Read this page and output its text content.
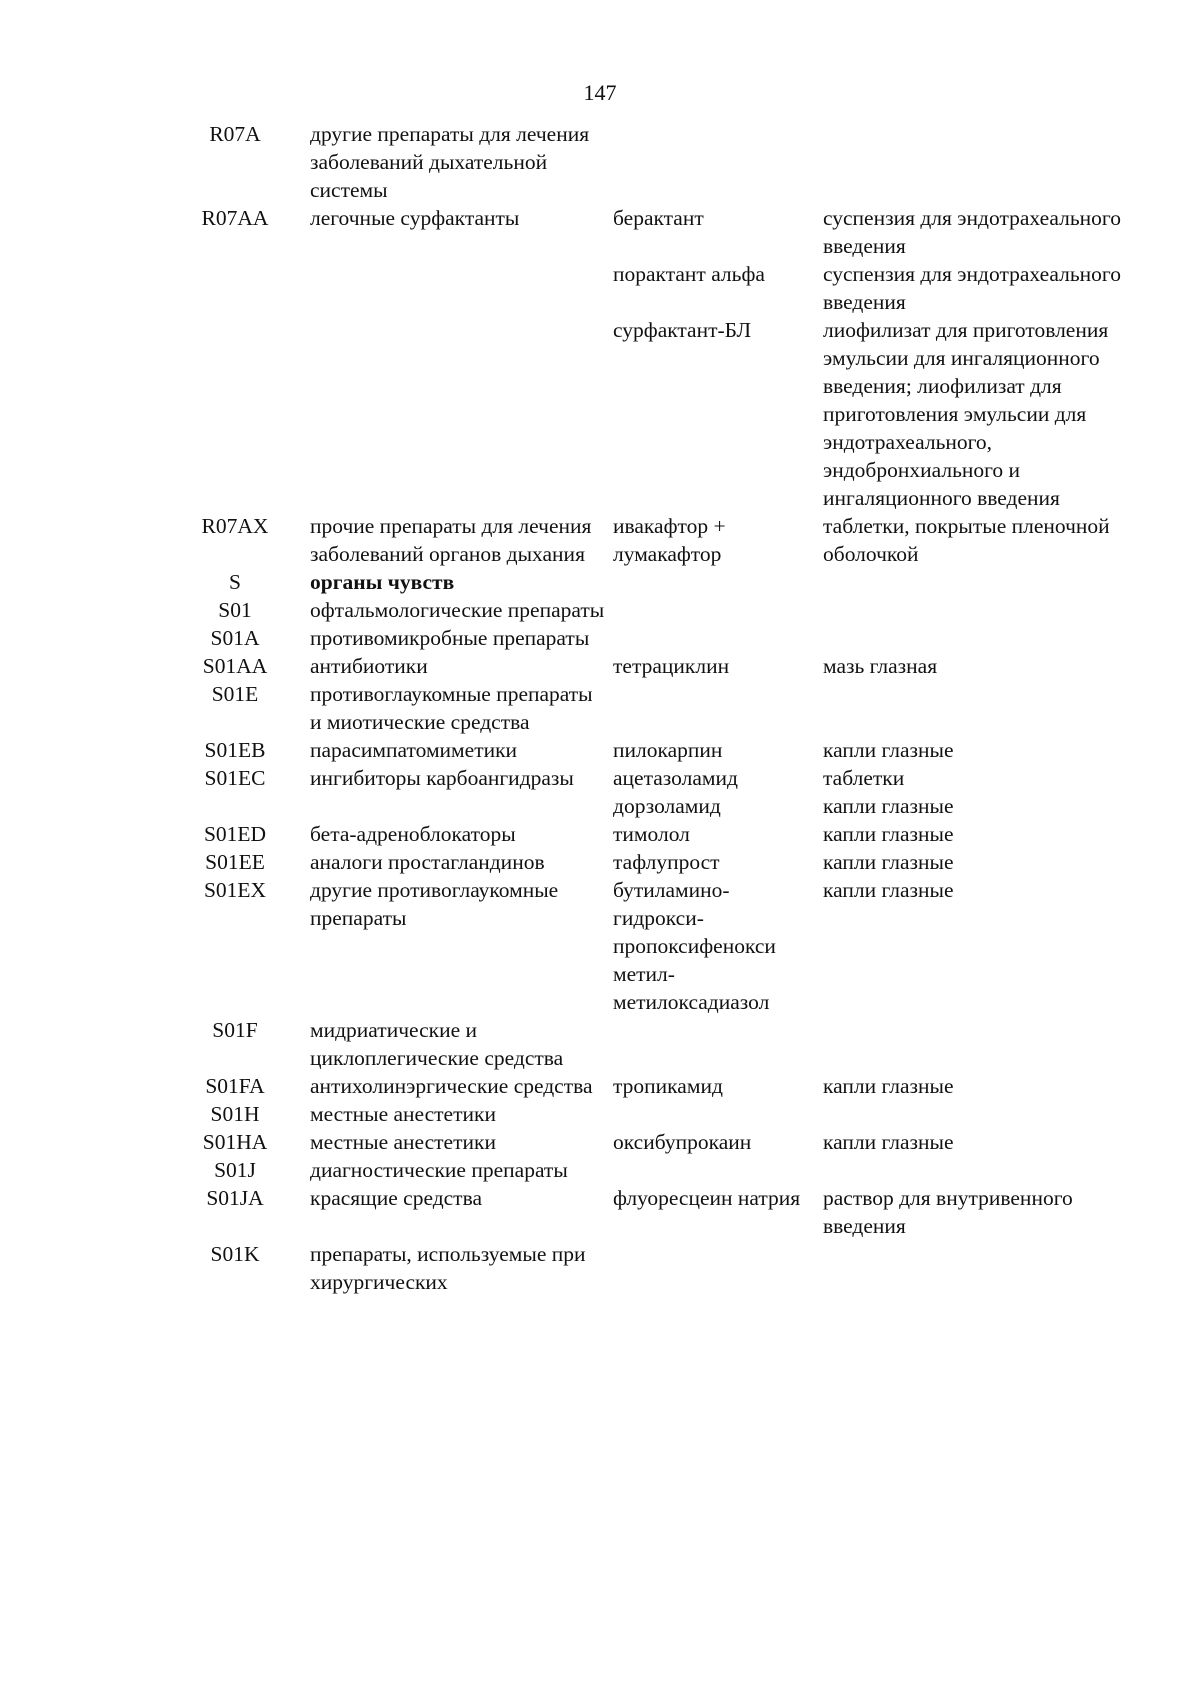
147
R07A	другие препараты для лечения заболеваний дыхательной системы		
R07AA	легочные сурфактанты	берактант	суспензия для эндотрахеального введения
		порактант альфа	суспензия для эндотрахеального введения
		сурфактант-БЛ	лиофилизат для приготовления эмульсии для ингаляционного введения; лиофилизат для приготовления эмульсии для эндотрахеального, эндобронхиального и ингаляционного введения
R07AX	прочие препараты для лечения заболеваний органов дыхания	ивакафтор + лумакафтор	таблетки, покрытые пленочной оболочкой
S	органы чувств		
S01	офтальмологические препараты		
S01A	противомикробные препараты		
S01AA	антибиотики	тетрациклин	мазь глазная
S01E	противоглаукомные препараты и миотические средства		
S01EB	парасимпатомиметики	пилокарпин	капли глазные
S01EC	ингибиторы карбоангидразы	ацетазоламид	таблетки
		дорзоламид	капли глазные
S01ED	бета-адреноблокаторы	тимолол	капли глазные
S01EE	аналоги простагландинов	тафлупрост	капли глазные
S01EX	другие противоглаукомные препараты	бутиламино-
гидрокси-
пропоксифенокси
метил-
метилоксадиазол	капли глазные
S01F	мидриатические и циклоплегические средства		
S01FA	антихолинэргические средства	тропикамид	капли глазные
S01H	местные анестетики		
S01HA	местные анестетики	оксибупрокаин	капли глазные
S01J	диагностические препараты		
S01JA	красящие средства	флуоресцеин натрия	раствор для внутривенного введения
S01K	препараты, используемые при хирургических		
